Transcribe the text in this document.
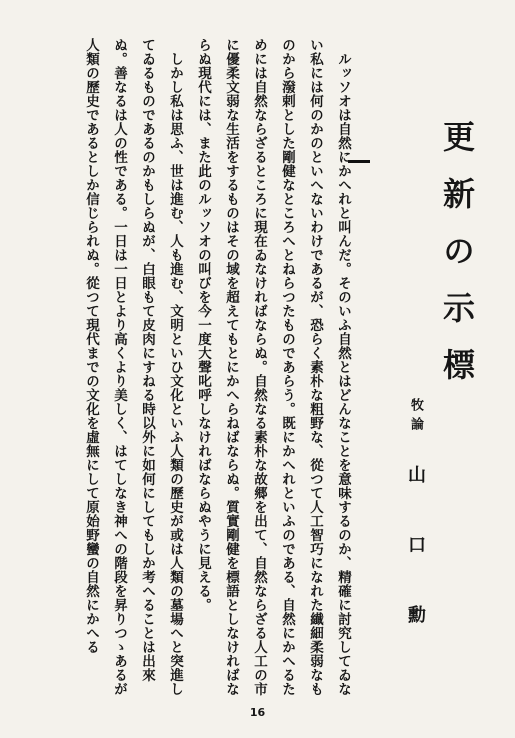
更新の示標
牧論
山口勳

ルッソオは自然にかへれと叫んだ。そのいふ自然とはどんなことを意味するのか、精確に討究してゐない私には何のかのといへないわけであるが、恐らく素朴な粗野な、從つて人工智巧になれた纎細柔弱なものから潑剌とした剛健なところへとねらつたものであらう。既にかへれといふのである、自然にかへるためには自然ならざるところに現在ゐなければならぬ。自然なる素朴な故郷を出て、自然ならざる人工の市に優柔文弱な生活をするものはその域を超えてもとにかへらねばならぬ。質實剛健を標語としなければならぬ現代には、また此のルッソオの叫びを今一度大聲叱呼しなければならぬやうに見える。

しかし私は思ふ、世は進む、人も進む、文明といひ文化といふ人類の歷史が或は人類の墓場へと突進してゐるものであるのかもしらぬが、白眼もて皮肉にすねる時以外に如何にしてもしか考へることは出來ぬ。善なるは人の性である。一日は一日とより高くより美しく、はてしなき神への階段を昇りつゝあるが人類の歷史であるとしか信じられぬ。從つて現代までの文化を虛無にして原始野蠻の自然にかへる

16
